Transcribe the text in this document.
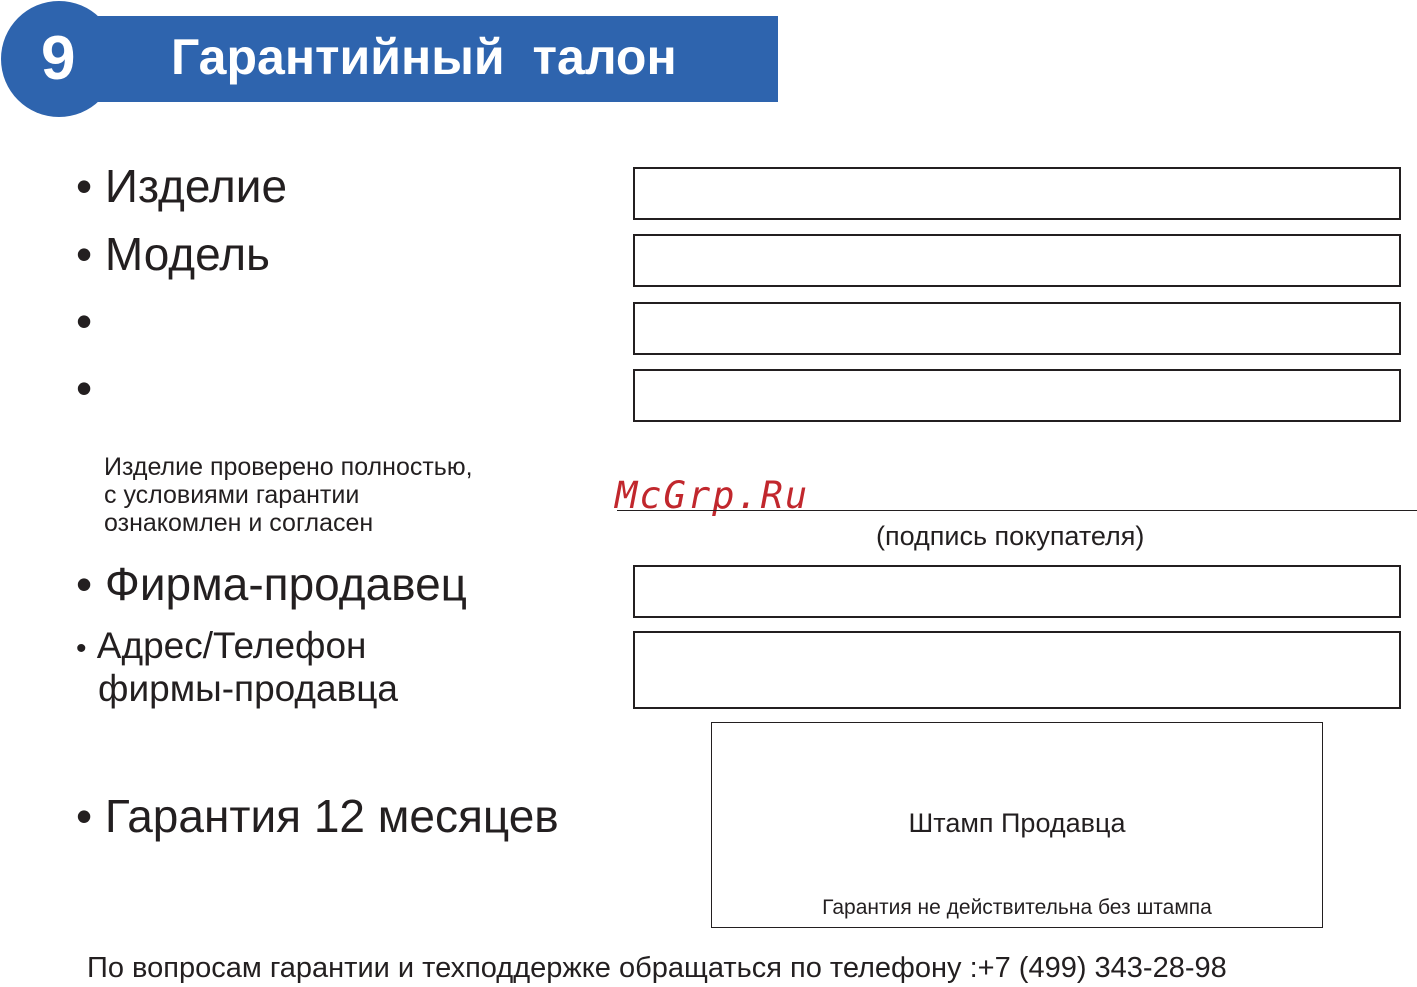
9	Гарантийный талон
• Изделие
• Модель
•
•
Изделие проверено полностью,
с условиями гарантии
ознакомлен и согласен
McGrp.Ru
(подпись покупателя)
• Фирма-продавец
• Адрес/Телефон
фирмы-продавца
• Гарантия 12 месяцев	Штамп Продавца
Гарантия не действительна без штампа
По вопросам гарантии и техподдержке обращаться по телефону :+7 (499) 343-28-98
